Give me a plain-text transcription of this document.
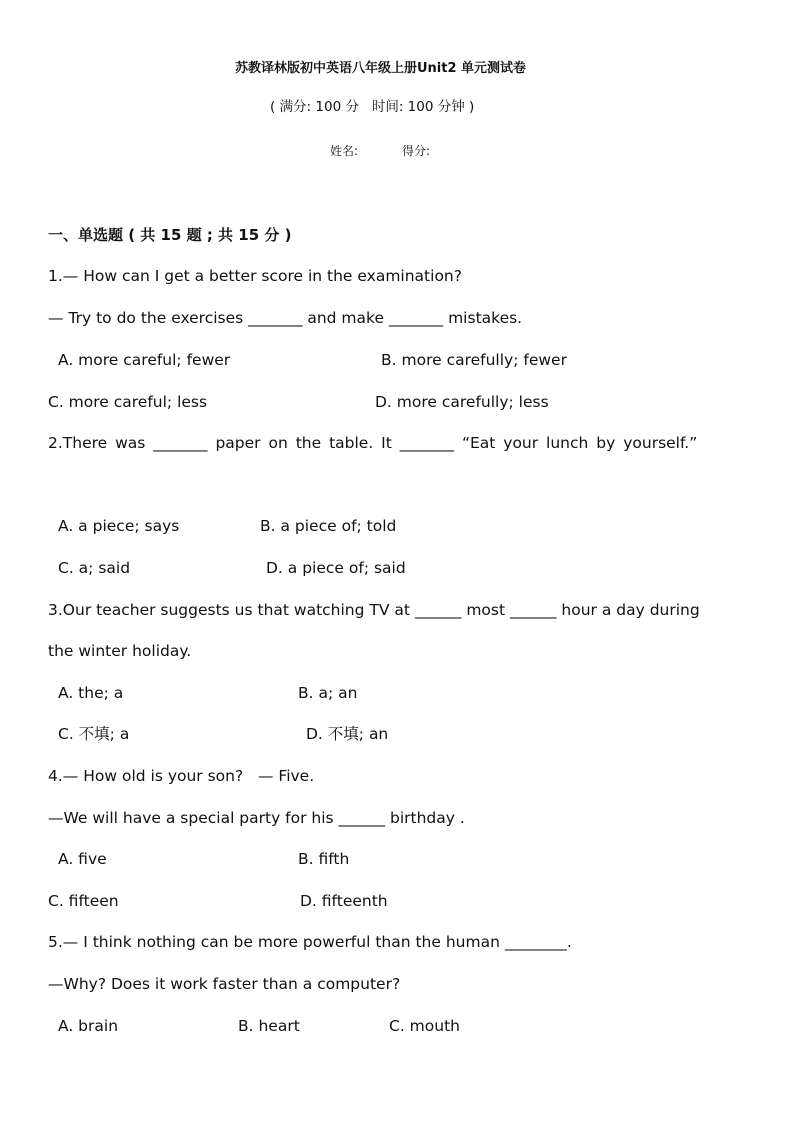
苏教译林版初中英语八年级上册Unit2 单元测试卷
( 满分: 100 分   时间: 100 分钟 )
姓名:	得分:
一、单选题 ( 共 15 题 ; 共 15 分 )
1.— How can I get a better score in the examination?
— Try to do the exercises _______ and make _______ mistakes.
A. more careful; fewer	B. more carefully; fewer
C. more careful; less	D. more carefully; less
2.There was _______ paper on the table. It _______ “Eat your lunch by yourself.”
A. a piece; says	B. a piece of; told
C. a; said	D. a piece of; said
3.Our teacher suggests us that watching TV at ______ most ______ hour a day during
the winter holiday.
A. the; a	B. a; an
C. 不填; a	D. 不填; an
4.— How old is your son?   — Five.
—We will have a special party for his ______ birthday .
A. five	B. fifth
C. fifteen	D. fifteenth
5.— I think nothing can be more powerful than the human ________.
—Why? Does it work faster than a computer?
A. brain	B. heart	C. mouth
